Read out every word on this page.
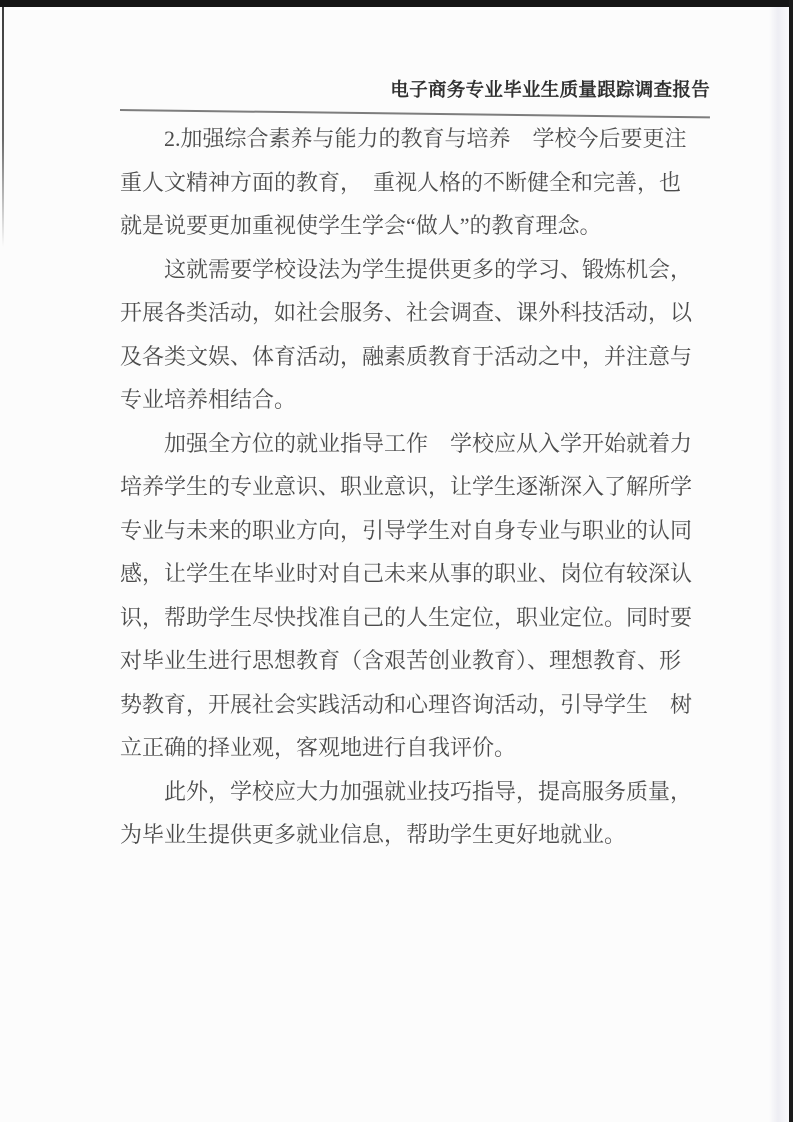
电子商务专业毕业生质量跟踪调查报告

2.加强综合素养与能力的教育与培养　学校今后要更注
重人文精神方面的教育，　重视人格的不断健全和完善，也
就是说要更加重视使学生学会“做人”的教育理念。

这就需要学校设法为学生提供更多的学习、锻炼机会，
开展各类活动，如社会服务、社会调查、课外科技活动，以
及各类文娱、体育活动，融素质教育于活动之中，并注意与
专业培养相结合。

加强全方位的就业指导工作　学校应从入学开始就着力
培养学生的专业意识、职业意识，让学生逐渐深入了解所学
专业与未来的职业方向，引导学生对自身专业与职业的认同
感，让学生在毕业时对自己未来从事的职业、岗位有较深认
识，帮助学生尽快找准自己的人生定位，职业定位。同时要
对毕业生进行思想教育（含艰苦创业教育）、理想教育、形
势教育，开展社会实践活动和心理咨询活动，引导学生　树
立正确的择业观，客观地进行自我评价。

此外，学校应大力加强就业技巧指导，提高服务质量，
为毕业生提供更多就业信息，帮助学生更好地就业。
